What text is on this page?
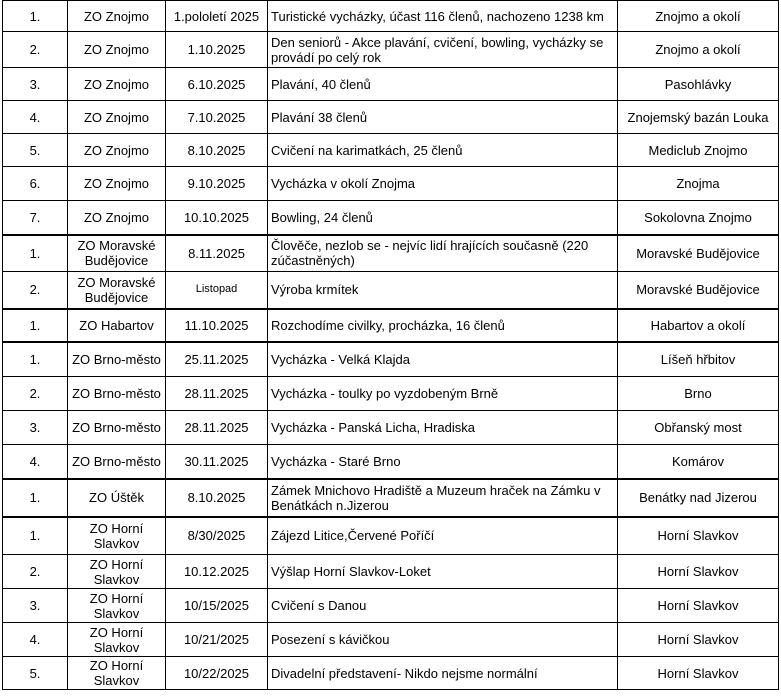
1.	ZO Znojmo	1.pololetí 2025	Turistické vycházky, účast 116 členů, nachozeno 1238 km	Znojmo a okolí
2.	ZO Znojmo	1.10.2025	Den seniorů - Akce plavání, cvičení, bowling, vycházky se provádí po celý rok	Znojmo a okolí
3.	ZO Znojmo	6.10.2025	Plavání, 40 členů	Pasohlávky
4.	ZO Znojmo	7.10.2025	Plavání 38 členů	Znojemský bazán Louka
5.	ZO Znojmo	8.10.2025	Cvičení na karimatkách, 25 členů	Mediclub Znojmo
6.	ZO Znojmo	9.10.2025	Vycházka v okolí Znojma	Znojma
7.	ZO Znojmo	10.10.2025	Bowling, 24 členů	Sokolovna Znojmo
1.	ZO Moravské Budějovice	8.11.2025	Člověče, nezlob se - nejvíc lidí hrajících současně (220 zúčastněných)	Moravské Budějovice
2.	ZO Moravské Budějovice	Listopad	Výroba krmítek	Moravské Budějovice
1.	ZO Habartov	11.10.2025	Rozchodíme civilky, procházka, 16 členů	Habartov a okolí
1.	ZO Brno-město	25.11.2025	Vycházka - Velká Klajda	Líšeň hřbitov
2.	ZO Brno-město	28.11.2025	Vycházka - toulky po vyzdobeným Brně	Brno
3.	ZO Brno-město	28.11.2025	Vycházka - Panská Licha, Hradiska	Obřanský most
4.	ZO Brno-město	30.11.2025	Vycházka - Staré Brno	Komárov
1.	ZO Úštěk	8.10.2025	Zámek Mnichovo Hradiště a Muzeum hraček na Zámku v Benátkách n.Jizerou	Benátky nad Jizerou
1.	ZO Horní Slavkov	8/30/2025	Zájezd Litice,Červené Poříčí	Horní Slavkov
2.	ZO Horní Slavkov	10.12.2025	Výšlap Horní Slavkov-Loket	Horní Slavkov
3.	ZO Horní Slavkov	10/15/2025	Cvičení s Danou	Horní Slavkov
4.	ZO Horní Slavkov	10/21/2025	Posezení s kávičkou	Horní Slavkov
5.	ZO Horní Slavkov	10/22/2025	Divadelní představení- Nikdo nejsme normální	Horní Slavkov
